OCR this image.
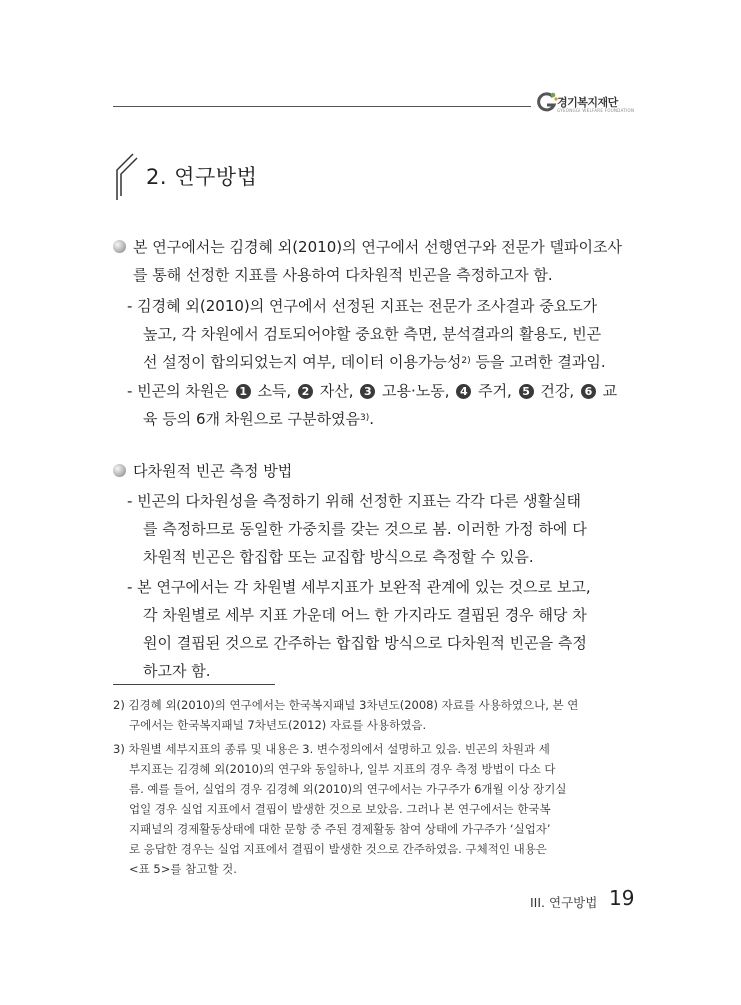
경기복지재단
GYEONGGI WELFARE FOUNDATION
2. 연구방법
본 연구에서는 김경혜 외(2010)의 연구에서 선행연구와 전문가 델파이조사
를 통해 선정한 지표를 사용하여 다차원적 빈곤을 측정하고자 함.
- 김경혜 외(2010)의 연구에서 선정된 지표는 전문가 조사결과 중요도가
높고, 각 차원에서 검토되어야할 중요한 측면, 분석결과의 활용도, 빈곤
선 설정이 합의되었는지 여부, 데이터 이용가능성$^{2)}$ 등을 고려한 결과임.
- 빈곤의 차원은 1 소득, 2 자산, 3 고용·노동, 4 주거, 5 건강, 6 교
육 등의 6개 차원으로 구분하였음$^{3)}$.
다차원적 빈곤 측정 방법
- 빈곤의 다차원성을 측정하기 위해 선정한 지표는 각각 다른 생활실태
를 측정하므로 동일한 가중치를 갖는 것으로 봄. 이러한 가정 하에 다
차원적 빈곤은 합집합 또는 교집합 방식으로 측정할 수 있음.
- 본 연구에서는 각 차원별 세부지표가 보완적 관계에 있는 것으로 보고,
각 차원별로 세부 지표 가운데 어느 한 가지라도 결핍된 경우 해당 차
원이 결핍된 것으로 간주하는 합집합 방식으로 다차원적 빈곤을 측정
하고자 함.
2) 김경혜 외(2010)의 연구에서는 한국복지패널 3차년도(2008) 자료를 사용하였으나, 본 연
구에서는 한국복지패널 7차년도(2012) 자료를 사용하였음.
3) 차원별 세부지표의 종류 및 내용은 3. 변수정의에서 설명하고 있음. 빈곤의 차원과 세
부지표는 김경혜 외(2010)의 연구와 동일하나, 일부 지표의 경우 측정 방법이 다소 다
름. 예를 들어, 실업의 경우 김경혜 외(2010)의 연구에서는 가구주가 6개월 이상 장기실
업일 경우 실업 지표에서 결핍이 발생한 것으로 보았음. 그러나 본 연구에서는 한국복
지패널의 경제활동상태에 대한 문항 중 주된 경제활동 참여 상태에 가구주가 ‘실업자’
로 응답한 경우는 실업 지표에서 결핍이 발생한 것으로 간주하였음. 구체적인 내용은
<표 5>를 참고할 것.
III. 연구방법 19
